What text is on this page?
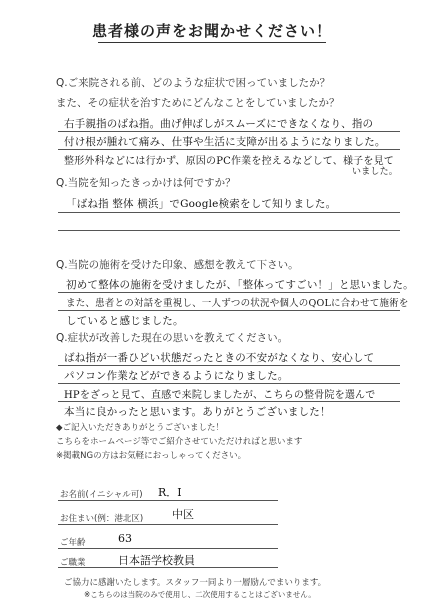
患者様の声をお聞かせください！
Q.ご来院される前、どのような症状で困っていましたか？
また、その症状を治すためにどんなことをしていましたか？
右手親指のばね指。曲げ伸ばしがスムーズにできなくなり、指の
付け根が腫れて痛み、仕事や生活に支障が出るようになりました。
整形外科などには行かず、原因のPC作業を控えるなどして、様子を見て
いました。
Q.当院を知ったきっかけは何ですか？
「ばね指 整体 横浜」でGoogle検索をして知りました。
Q.当院の施術を受けた印象、感想を教えて下さい。
初めて整体の施術を受けましたが、「整体ってすごい！」と思いました。
また、患者との対話を重視し、一人ずつの状況や個人のQOLに合わせて施術を
していると感じました。
Q.症状が改善した現在の思いを教えてください。
ばね指が一番ひどい状態だったときの不安がなくなり、安心して
パソコン作業などができるようになりました。
HPをざっと見て、直感で来院しましたが、こちらの整骨院を選んで
本当に良かったと思います。ありがとうございました！
◆ご記入いただきありがとうございました！
こちらをホームページ等でご紹介させていただければと思います
※掲載NGの方はお気軽におっしゃってください。
お名前(イニシャル可) R．I
お住まい(例：港北区)	中区
ご年齢	63
ご職業	日本語学校教員
ご協力に感謝いたします。スタッフ一同より一層励んでまいります。
※こちらのは当院のみで使用し、二次使用することはございません。
